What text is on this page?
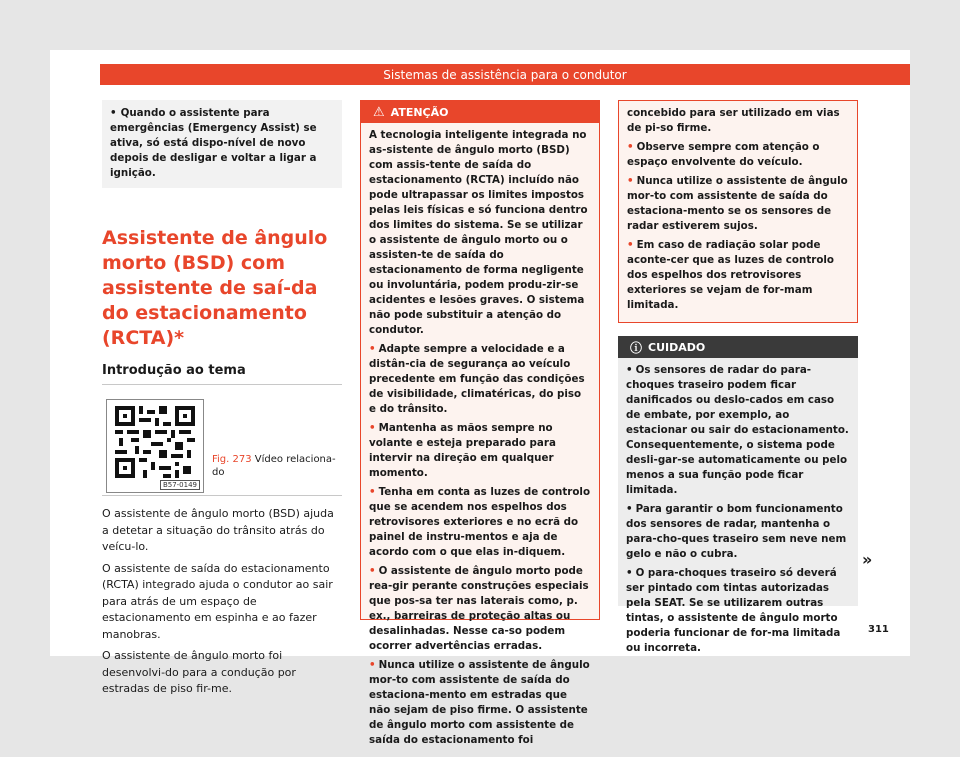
Sistemas de assistência para o condutor
• Quando o assistente para emergências (Emergency Assist) se ativa, só está dispo-nível de novo depois de desligar e voltar a ligar a ignição.
Assistente de ângulo morto (BSD) com assistente de saí-da do estacionamento (RCTA)*
Introdução ao tema
B57-0149
Fig. 273 Vídeo relaciona-do

O assistente de ângulo morto (BSD) ajuda a detetar a situação do trânsito atrás do veícu-lo.

O assistente de saída do estacionamento (RCTA) integrado ajuda o condutor ao sair para atrás de um espaço de estacionamento em espinha e ao fazer manobras.

O assistente de ângulo morto foi desenvolvi-do para a condução por estradas de piso fir-me.

⚠ ATENÇÃO

A tecnologia inteligente integrada no as-sistente de ângulo morto (BSD) com assis-tente de saída do estacionamento (RCTA) incluído não pode ultrapassar os limites impostos pelas leis físicas e só funciona dentro dos limites do sistema. Se se utilizar o assistente de ângulo morto ou o assisten-te de saída do estacionamento de forma negligente ou involuntária, podem produ-zir-se acidentes e lesões graves. O sistema não pode substituir a atenção do condutor.

• Adapte sempre a velocidade e a distân-cia de segurança ao veículo precedente em função das condições de visibilidade, climatéricas, do piso e do trânsito.

• Mantenha as mãos sempre no volante e esteja preparado para intervir na direção em qualquer momento.

• Tenha em conta as luzes de controlo que se acendem nos espelhos dos retrovisores exteriores e no ecrã do painel de instru-mentos e aja de acordo com o que elas in-diquem.

• O assistente de ângulo morto pode rea-gir perante construções especiais que pos-sa ter nas laterais como, p. ex., barreiras de proteção altas ou desalinhadas. Nesse ca-so podem ocorrer advertências erradas.

• Nunca utilize o assistente de ângulo mor-to com assistente de saída do estaciona-mento em estradas que não sejam de piso firme. O assistente de ângulo morto com assistente de saída do estacionamento foi

concebido para ser utilizado em vias de pi-so firme.

• Observe sempre com atenção o espaço envolvente do veículo.

• Nunca utilize o assistente de ângulo mor-to com assistente de saída do estaciona-mento se os sensores de radar estiverem sujos.

• Em caso de radiação solar pode aconte-cer que as luzes de controlo dos espelhos dos retrovisores exteriores se vejam de for-mam limitada.

ⓘ CUIDADO

• Os sensores de radar do para-choques traseiro podem ficar danificados ou deslo-cados em caso de embate, por exemplo, ao estacionar ou sair do estacionamento. Consequentemente, o sistema pode desli-gar-se automaticamente ou pelo menos a sua função pode ficar limitada.

• Para garantir o bom funcionamento dos sensores de radar, mantenha o para-cho-ques traseiro sem neve nem gelo e não o cubra.

• O para-choques traseiro só deverá ser pintado com tintas autorizadas pela SEAT. Se se utilizarem outras tintas, o assistente de ângulo morto poderia funcionar de for-ma limitada ou incorreta.

»
311
